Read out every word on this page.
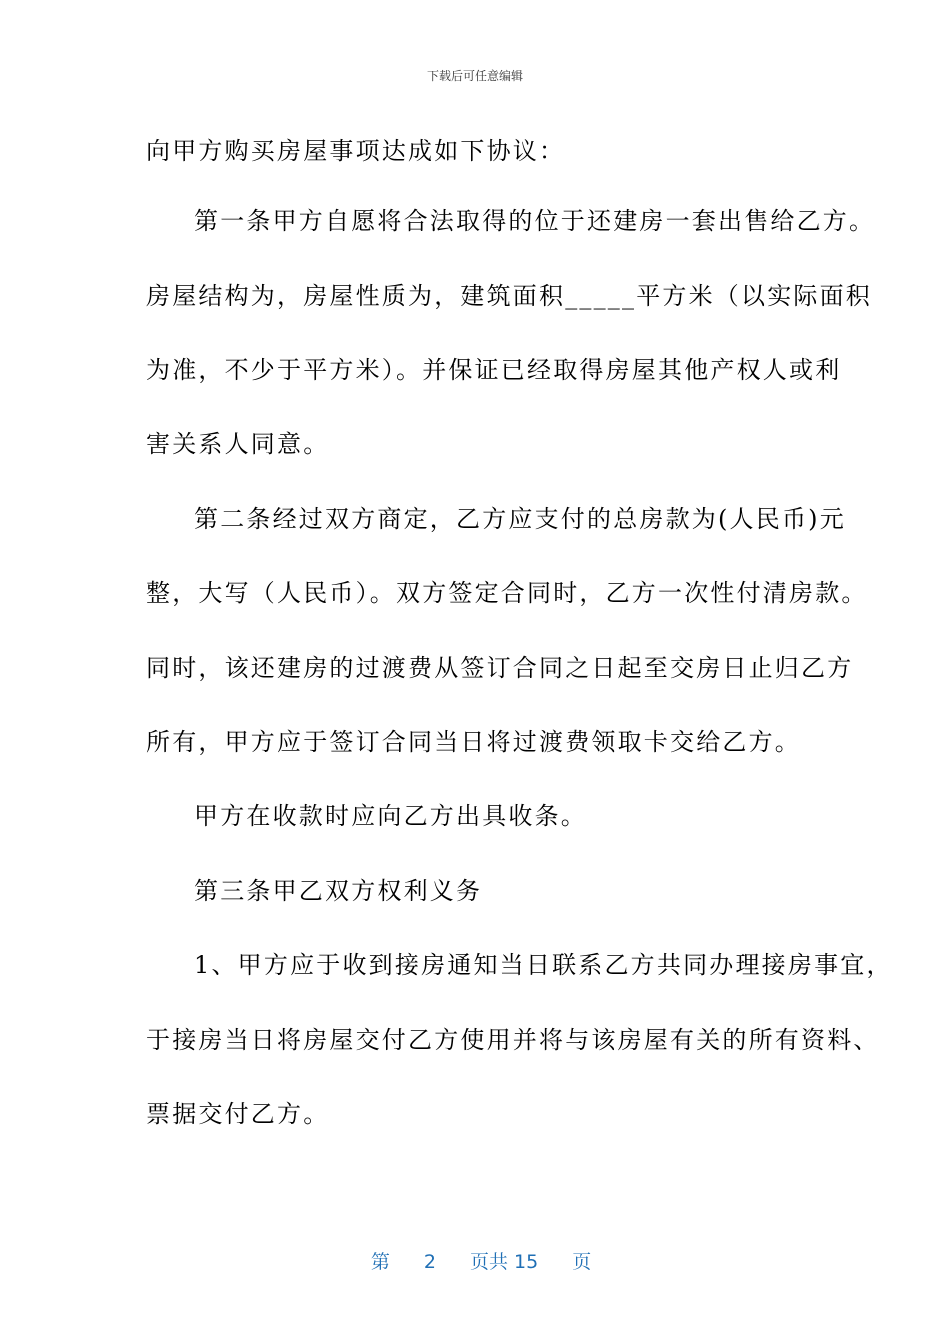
下载后可任意编辑
向甲方购买房屋事项达成如下协议：
第一条甲方自愿将合法取得的位于还建房一套出售给乙方。
房屋结构为，房屋性质为，建筑面积_____平方米（以实际面积
为准，不少于平方米）。并保证已经取得房屋其他产权人或利
害关系人同意。
第二条经过双方商定，乙方应支付的总房款为(人民币)元
整，大写（人民币）。双方签定合同时，乙方一次性付清房款。
同时，该还建房的过渡费从签订合同之日起至交房日止归乙方
所有，甲方应于签订合同当日将过渡费领取卡交给乙方。
甲方在收款时应向乙方出具收条。
第三条甲乙双方权利义务
1、甲方应于收到接房通知当日联系乙方共同办理接房事宜，
于接房当日将房屋交付乙方使用并将与该房屋有关的所有资料、
票据交付乙方。

第 2 页共 15 页
